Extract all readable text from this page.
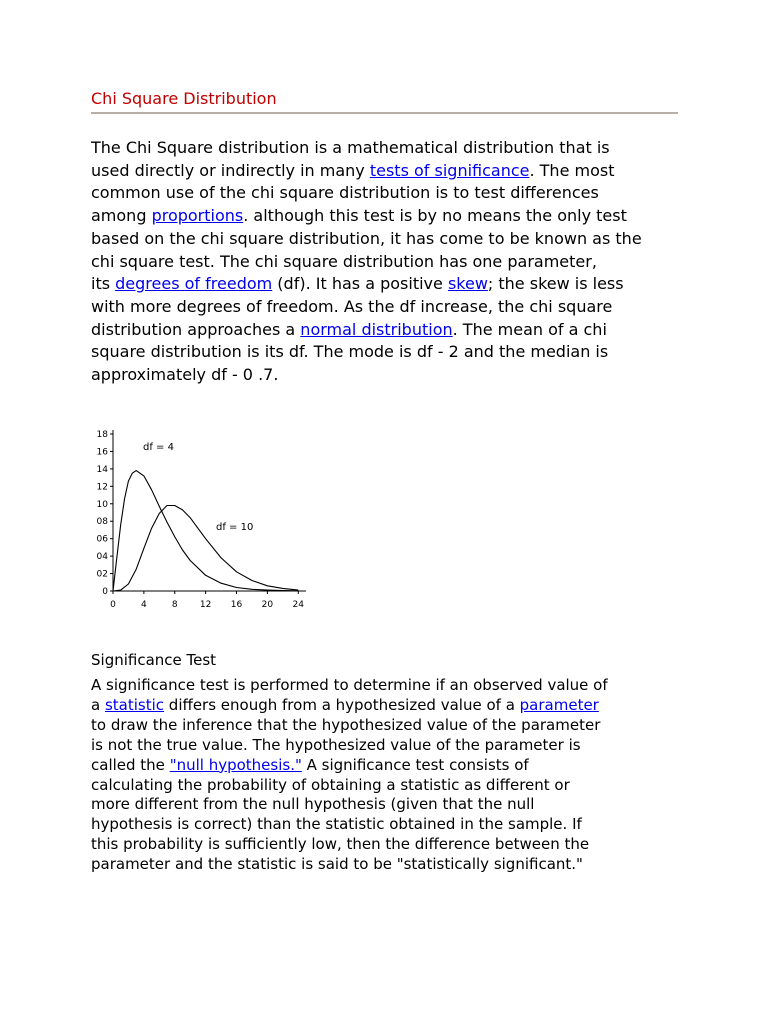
Chi Square Distribution
The Chi Square distribution is a mathematical distribution that is
used directly or indirectly in many tests of significance. The most
common use of the chi square distribution is to test differences
among proportions. although this test is by no means the only test
based on the chi square distribution, it has come to be known as the
chi square test. The chi square distribution has one parameter,
its degrees of freedom (df). It has a positive skew; the skew is less
with more degrees of freedom. As the df increase, the chi square
distribution approaches a normal distribution. The mean of a chi
square distribution is its df. The mode is df - 2 and the median is
approximately df - 0 .7.
0
02
04
06
08
10
12
14
16
18
0	4	8 12 16 20 24
df = 4
df = 10
Significance Test
A significance test is performed to determine if an observed value of
a statistic differs enough from a hypothesized value of a parameter
to draw the inference that the hypothesized value of the parameter
is not the true value. The hypothesized value of the parameter is
called the "null hypothesis." A significance test consists of
calculating the probability of obtaining a statistic as different or
more different from the null hypothesis (given that the null
hypothesis is correct) than the statistic obtained in the sample. If
this probability is sufficiently low, then the difference between the
parameter and the statistic is said to be "statistically significant."
